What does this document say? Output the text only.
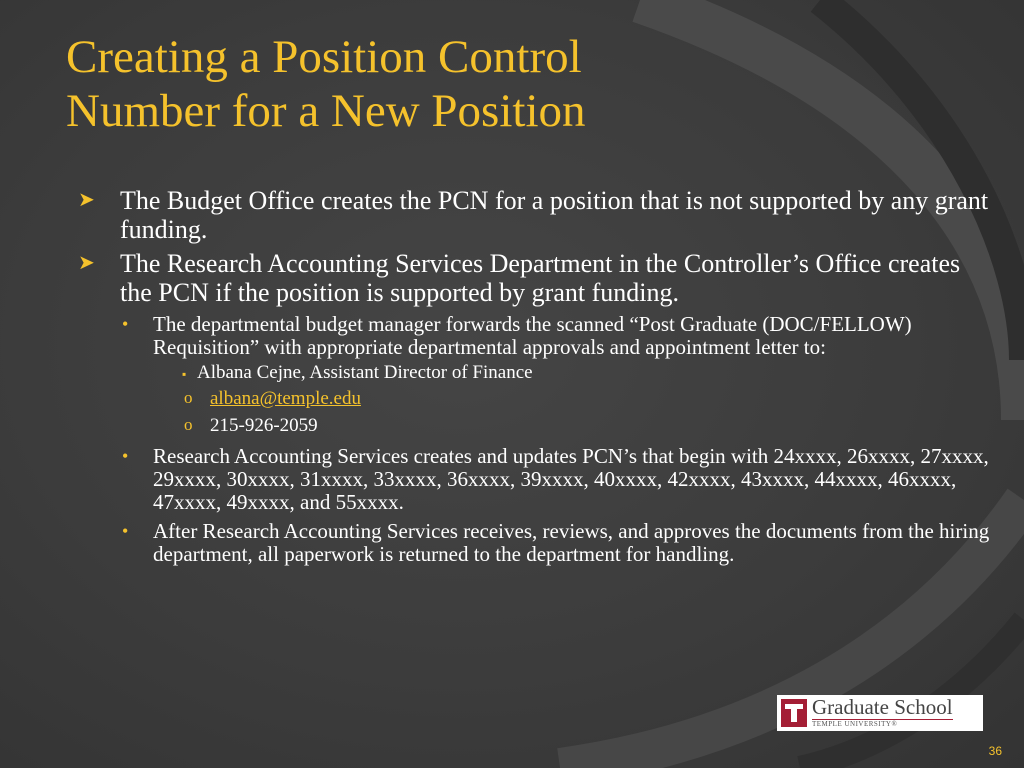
Creating a Position Control
Number for a New Position
➤ The Budget Office creates the PCN for a position that is not supported by any grant funding.
➤ The Research Accounting Services Department in the Controller’s Office creates the PCN if the position is supported by grant funding.
• The departmental budget manager forwards the scanned “Post Graduate (DOC/FELLOW) Requisition” with appropriate departmental approvals and appointment letter to:
▪ Albana Cejne, Assistant Director of Finance
o albana@temple.edu
o 215-926-2059
• Research Accounting Services creates and updates PCN’s that begin with 24xxxx, 26xxxx, 27xxxx, 29xxxx, 30xxxx, 31xxxx, 33xxxx, 36xxxx, 39xxxx, 40xxxx, 42xxxx, 43xxxx, 44xxxx, 46xxxx, 47xxxx, 49xxxx, and 55xxxx.
• After Research Accounting Services receives, reviews, and approves the documents from the hiring department, all paperwork is returned to the department for handling.
Graduate School
TEMPLE UNIVERSITY®
36
